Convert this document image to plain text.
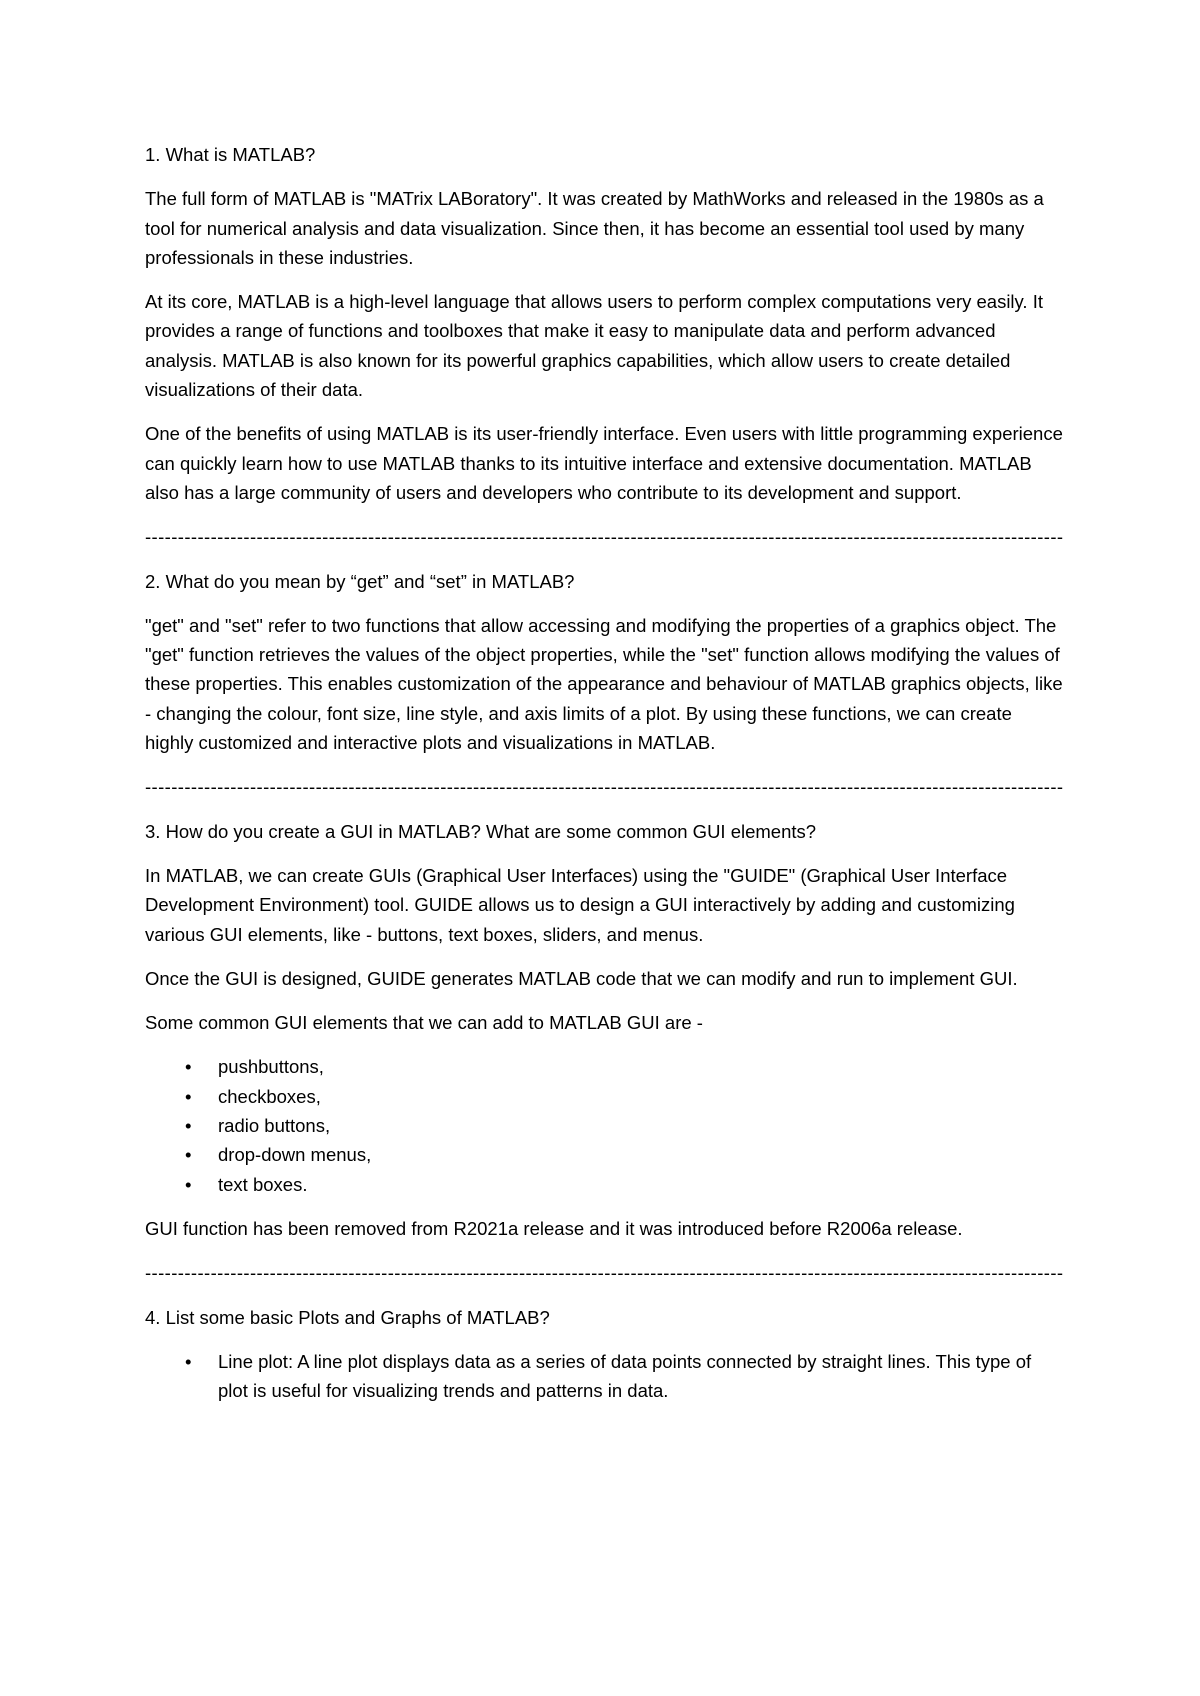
1. What is MATLAB?

The full form of MATLAB is "MATrix LABoratory". It was created by MathWorks and released in the 1980s as a tool for numerical analysis and data visualization. Since then, it has become an essential tool used by many professionals in these industries.

At its core, MATLAB is a high-level language that allows users to perform complex computations very easily. It provides a range of functions and toolboxes that make it easy to manipulate data and perform advanced analysis. MATLAB is also known for its powerful graphics capabilities, which allow users to create detailed visualizations of their data.

One of the benefits of using MATLAB is its user-friendly interface. Even users with little programming experience can quickly learn how to use MATLAB thanks to its intuitive interface and extensive documentation. MATLAB also has a large community of users and developers who contribute to its development and support.

--------------------------------------------------------------------------------------------------------------------------------------------

2. What do you mean by “get” and “set” in MATLAB?

"get" and "set" refer to two functions that allow accessing and modifying the properties of a graphics object. The "get" function retrieves the values of the object properties, while the "set" function allows modifying the values of these properties. This enables customization of the appearance and behaviour of MATLAB graphics objects, like - changing the colour, font size, line style, and axis limits of a plot. By using these functions, we can create highly customized and interactive plots and visualizations in MATLAB.

--------------------------------------------------------------------------------------------------------------------------------------------

3. How do you create a GUI in MATLAB? What are some common GUI elements?

In MATLAB, we can create GUIs (Graphical User Interfaces) using the "GUIDE" (Graphical User Interface Development Environment) tool. GUIDE allows us to design a GUI interactively by adding and customizing various GUI elements, like - buttons, text boxes, sliders, and menus.

Once the GUI is designed, GUIDE generates MATLAB code that we can modify and run to implement GUI.

Some common GUI elements that we can add to MATLAB GUI are -

• pushbuttons,
• checkboxes,
• radio buttons,
• drop-down menus,
• text boxes.

GUI function has been removed from R2021a release and it was introduced before R2006a release.

--------------------------------------------------------------------------------------------------------------------------------------------

4. List some basic Plots and Graphs of MATLAB?

• Line plot: A line plot displays data as a series of data points connected by straight lines. This type of plot is useful for visualizing trends and patterns in data.
